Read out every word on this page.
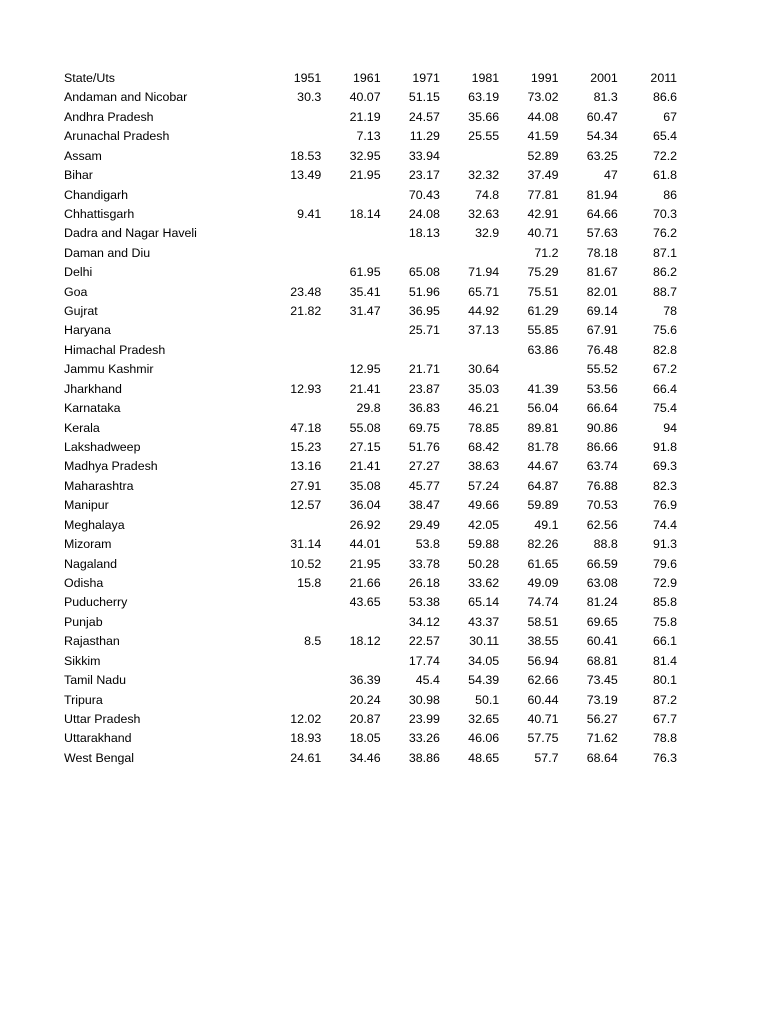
State/Uts	1951	1961	1971	1981	1991	2001	2011
Andaman and Nicobar	30.3	40.07	51.15	63.19	73.02	81.3	86.6
Andhra Pradesh		21.19	24.57	35.66	44.08	60.47	67
Arunachal Pradesh		7.13	11.29	25.55	41.59	54.34	65.4
Assam	18.53	32.95	33.94		52.89	63.25	72.2
Bihar	13.49	21.95	23.17	32.32	37.49	47	61.8
Chandigarh			70.43	74.8	77.81	81.94	86
Chhattisgarh	9.41	18.14	24.08	32.63	42.91	64.66	70.3
Dadra and Nagar Haveli			18.13	32.9	40.71	57.63	76.2
Daman and Diu					71.2	78.18	87.1
Delhi		61.95	65.08	71.94	75.29	81.67	86.2
Goa	23.48	35.41	51.96	65.71	75.51	82.01	88.7
Gujrat	21.82	31.47	36.95	44.92	61.29	69.14	78
Haryana			25.71	37.13	55.85	67.91	75.6
Himachal Pradesh					63.86	76.48	82.8
Jammu Kashmir		12.95	21.71	30.64		55.52	67.2
Jharkhand	12.93	21.41	23.87	35.03	41.39	53.56	66.4
Karnataka		29.8	36.83	46.21	56.04	66.64	75.4
Kerala	47.18	55.08	69.75	78.85	89.81	90.86	94
Lakshadweep	15.23	27.15	51.76	68.42	81.78	86.66	91.8
Madhya Pradesh	13.16	21.41	27.27	38.63	44.67	63.74	69.3
Maharashtra	27.91	35.08	45.77	57.24	64.87	76.88	82.3
Manipur	12.57	36.04	38.47	49.66	59.89	70.53	76.9
Meghalaya		26.92	29.49	42.05	49.1	62.56	74.4
Mizoram	31.14	44.01	53.8	59.88	82.26	88.8	91.3
Nagaland	10.52	21.95	33.78	50.28	61.65	66.59	79.6
Odisha	15.8	21.66	26.18	33.62	49.09	63.08	72.9
Puducherry		43.65	53.38	65.14	74.74	81.24	85.8
Punjab			34.12	43.37	58.51	69.65	75.8
Rajasthan	8.5	18.12	22.57	30.11	38.55	60.41	66.1
Sikkim			17.74	34.05	56.94	68.81	81.4
Tamil Nadu		36.39	45.4	54.39	62.66	73.45	80.1
Tripura		20.24	30.98	50.1	60.44	73.19	87.2
Uttar Pradesh	12.02	20.87	23.99	32.65	40.71	56.27	67.7
Uttarakhand	18.93	18.05	33.26	46.06	57.75	71.62	78.8
West Bengal	24.61	34.46	38.86	48.65	57.7	68.64	76.3
